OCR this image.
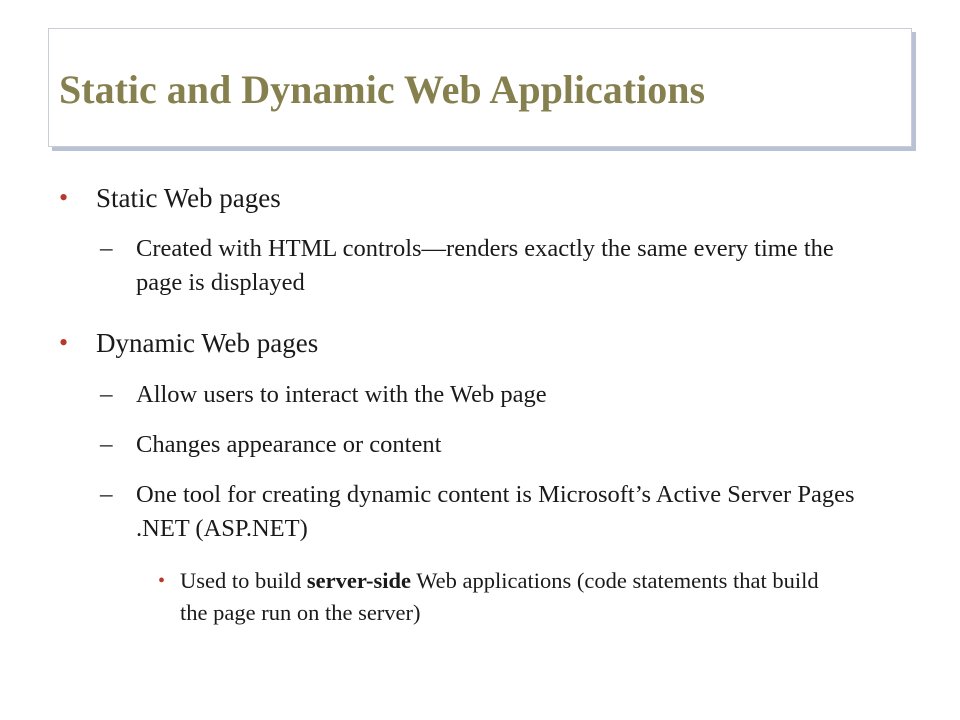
Static and Dynamic Web Applications
• Static Web pages
– Created with HTML controls—renders exactly the same every time the page is displayed
• Dynamic Web pages
– Allow users to interact with the Web page
– Changes appearance or content
– One tool for creating dynamic content is Microsoft’s Active Server Pages .NET (ASP.NET)
• Used to build server-side Web applications (code statements that build the page run on the server)
